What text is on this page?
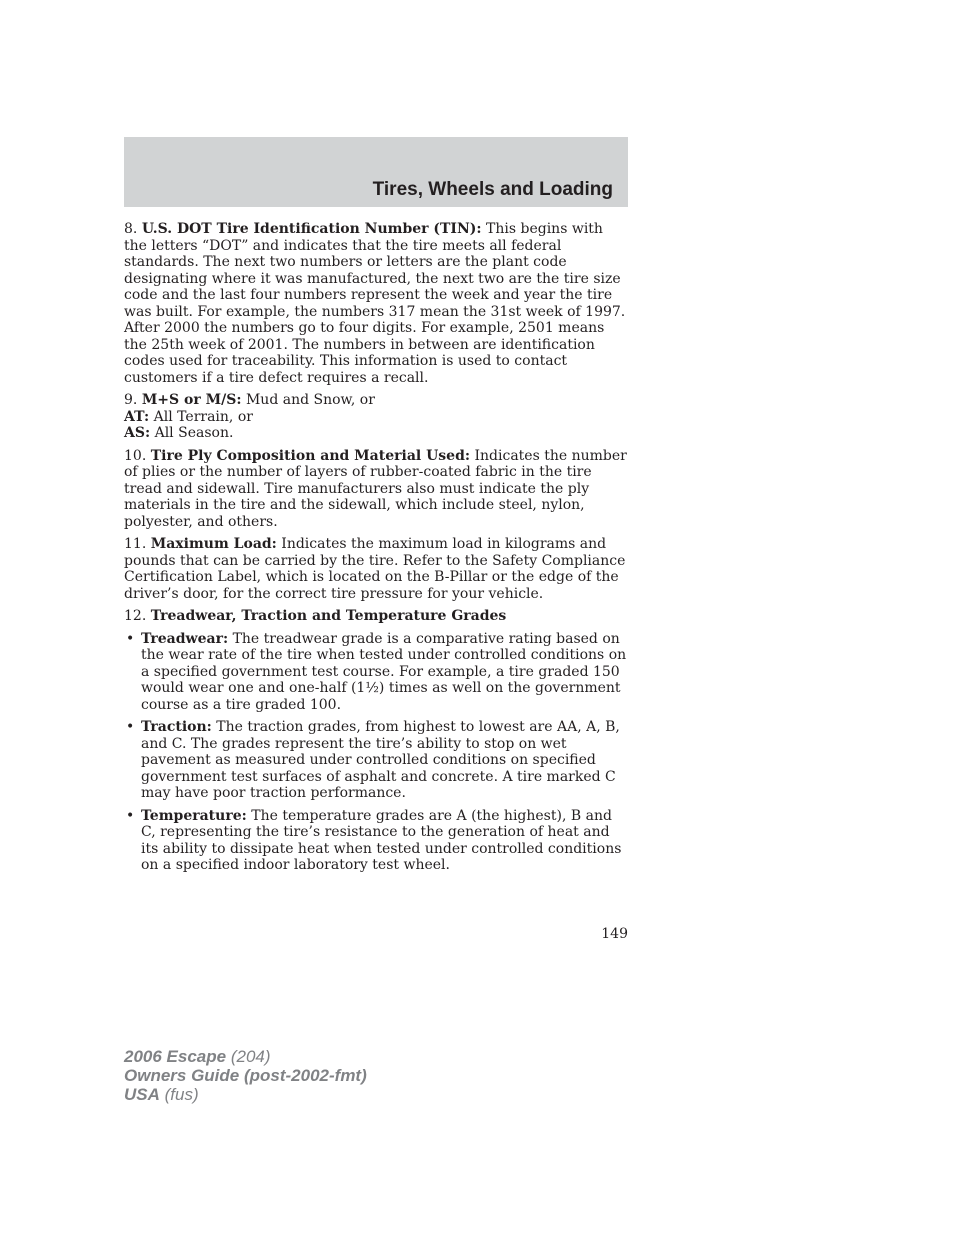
Tires, Wheels and Loading

8. U.S. DOT Tire Identification Number (TIN): This begins with the letters “DOT” and indicates that the tire meets all federal standards. The next two numbers or letters are the plant code designating where it was manufactured, the next two are the tire size code and the last four numbers represent the week and year the tire was built. For example, the numbers 317 mean the 31st week of 1997. After 2000 the numbers go to four digits. For example, 2501 means the 25th week of 2001. The numbers in between are identification codes used for traceability. This information is used to contact customers if a tire defect requires a recall.

9. M+S or M/S: Mud and Snow, or
AT: All Terrain, or
AS: All Season.

10. Tire Ply Composition and Material Used: Indicates the number of plies or the number of layers of rubber-coated fabric in the tire tread and sidewall. Tire manufacturers also must indicate the ply materials in the tire and the sidewall, which include steel, nylon, polyester, and others.

11. Maximum Load: Indicates the maximum load in kilograms and pounds that can be carried by the tire. Refer to the Safety Compliance Certification Label, which is located on the B-Pillar or the edge of the driver’s door, for the correct tire pressure for your vehicle.

12. Treadwear, Traction and Temperature Grades

• Treadwear: The treadwear grade is a comparative rating based on the wear rate of the tire when tested under controlled conditions on a specified government test course. For example, a tire graded 150 would wear one and one-half (1½) times as well on the government course as a tire graded 100.
• Traction: The traction grades, from highest to lowest are AA, A, B, and C. The grades represent the tire’s ability to stop on wet pavement as measured under controlled conditions on specified government test surfaces of asphalt and concrete. A tire marked C may have poor traction performance.
• Temperature: The temperature grades are A (the highest), B and C, representing the tire’s resistance to the generation of heat and its ability to dissipate heat when tested under controlled conditions on a specified indoor laboratory test wheel.
149
2006 Escape (204)
Owners Guide (post-2002-fmt)
USA (fus)
